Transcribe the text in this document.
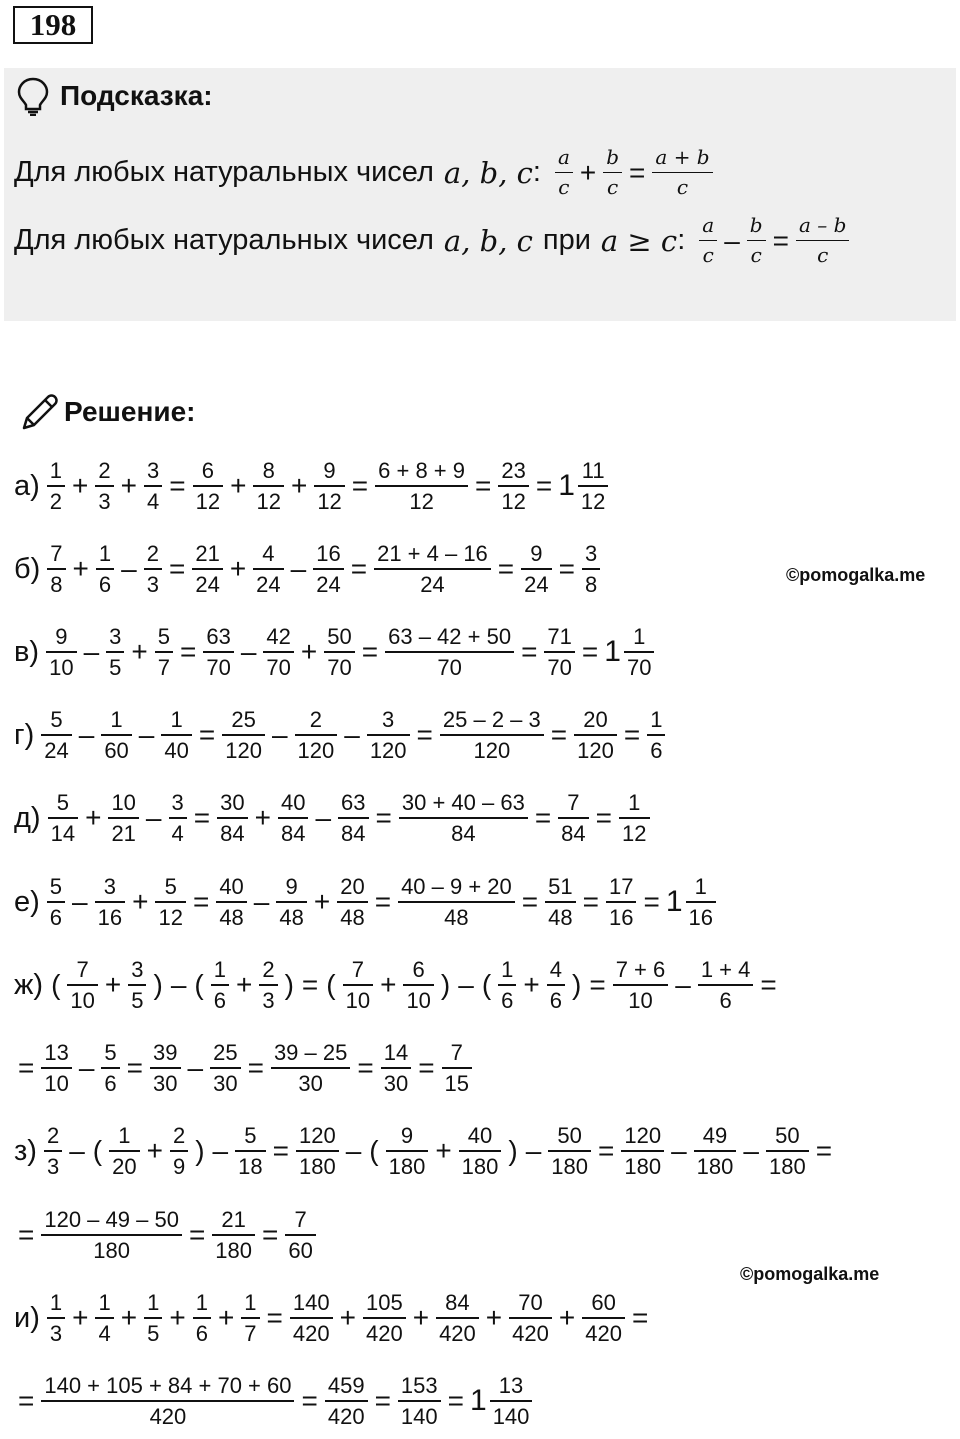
198
Подсказка:
Для любых натуральных чисел a, b, c : $\frac{a}{c} + \frac{b}{c} = \frac{a + b}{c}$
Для любых натуральных чисел a, b, c при a ≥ c : $\frac{a}{c} - \frac{b}{c} = \frac{a - b}{c}$
Решение:
$а) \frac{1}{2} + \frac{2}{3} + \frac{3}{4} = \frac{6}{12} + \frac{8}{12} + \frac{9}{12} = \frac{6 + 8 + 9}{12} = \frac{23}{12} = 1 \frac{11}{12}$
$б) \frac{7}{8} + \frac{1}{6} - \frac{2}{3} = \frac{21}{24} + \frac{4}{24} - \frac{16}{24} = \frac{21 + 4 - 16}{24} = \frac{9}{24} = \frac{3}{8}$
$в) \frac{9}{10} - \frac{3}{5} + \frac{5}{7} = \frac{63}{70} - \frac{42}{70} + \frac{50}{70} = \frac{63 - 42 + 50}{70} = \frac{71}{70} = 1 \frac{1}{70}$
$г) \frac{5}{24} - \frac{1}{60} - \frac{1}{40} = \frac{25}{120} - \frac{2}{120} - \frac{3}{120} = \frac{25 - 2 - 3}{120} = \frac{20}{120} = \frac{1}{6}$
$д) \frac{5}{14} + \frac{10}{21} - \frac{3}{4} = \frac{30}{84} + \frac{40}{84} - \frac{63}{84} = \frac{30 + 40 - 63}{84} = \frac{7}{84} = \frac{1}{12}$
$е) \frac{5}{6} - \frac{3}{16} + \frac{5}{12} = \frac{40}{48} - \frac{9}{48} + \frac{20}{48} = \frac{40 - 9 + 20}{48} = \frac{51}{48} = \frac{17}{16} = 1 \frac{1}{16}$
ж) ( $\frac{7}{10} + \frac{3}{5}$ ) – ( $\frac{1}{6} + \frac{2}{3}$ ) = ( $\frac{7}{10} + \frac{6}{10}$ ) – ( $\frac{1}{6} + \frac{4}{6}$ ) = $\frac{7 + 6}{10} - \frac{1 + 4}{6}$ =
= $\frac{13}{10} - \frac{5}{6} = \frac{39}{30} - \frac{25}{30} = \frac{39 - 25}{30} = \frac{14}{30} = \frac{7}{15}$
$з) \frac{2}{3}$ – ( $\frac{1}{20} + \frac{2}{9}$ ) – $\frac{5}{18} = \frac{120}{180}$ – ( $\frac{9}{180} + \frac{40}{180}$ ) – $\frac{50}{180} = \frac{120}{180} - \frac{49}{180} - \frac{50}{180}$ =
= $\frac{120 - 49 - 50}{180} = \frac{21}{180} = \frac{7}{60}$
$и) \frac{1}{3} + \frac{1}{4} + \frac{1}{5} + \frac{1}{6} + \frac{1}{7} = \frac{140}{420} + \frac{105}{420} + \frac{84}{420} + \frac{70}{420} + \frac{60}{420}$ =
= $\frac{140 + 105 + 84 + 70 + 60}{420} = \frac{459}{420} = \frac{153}{140} = 1 \frac{13}{140}$
©pomogalka.me
©pomogalka.me
